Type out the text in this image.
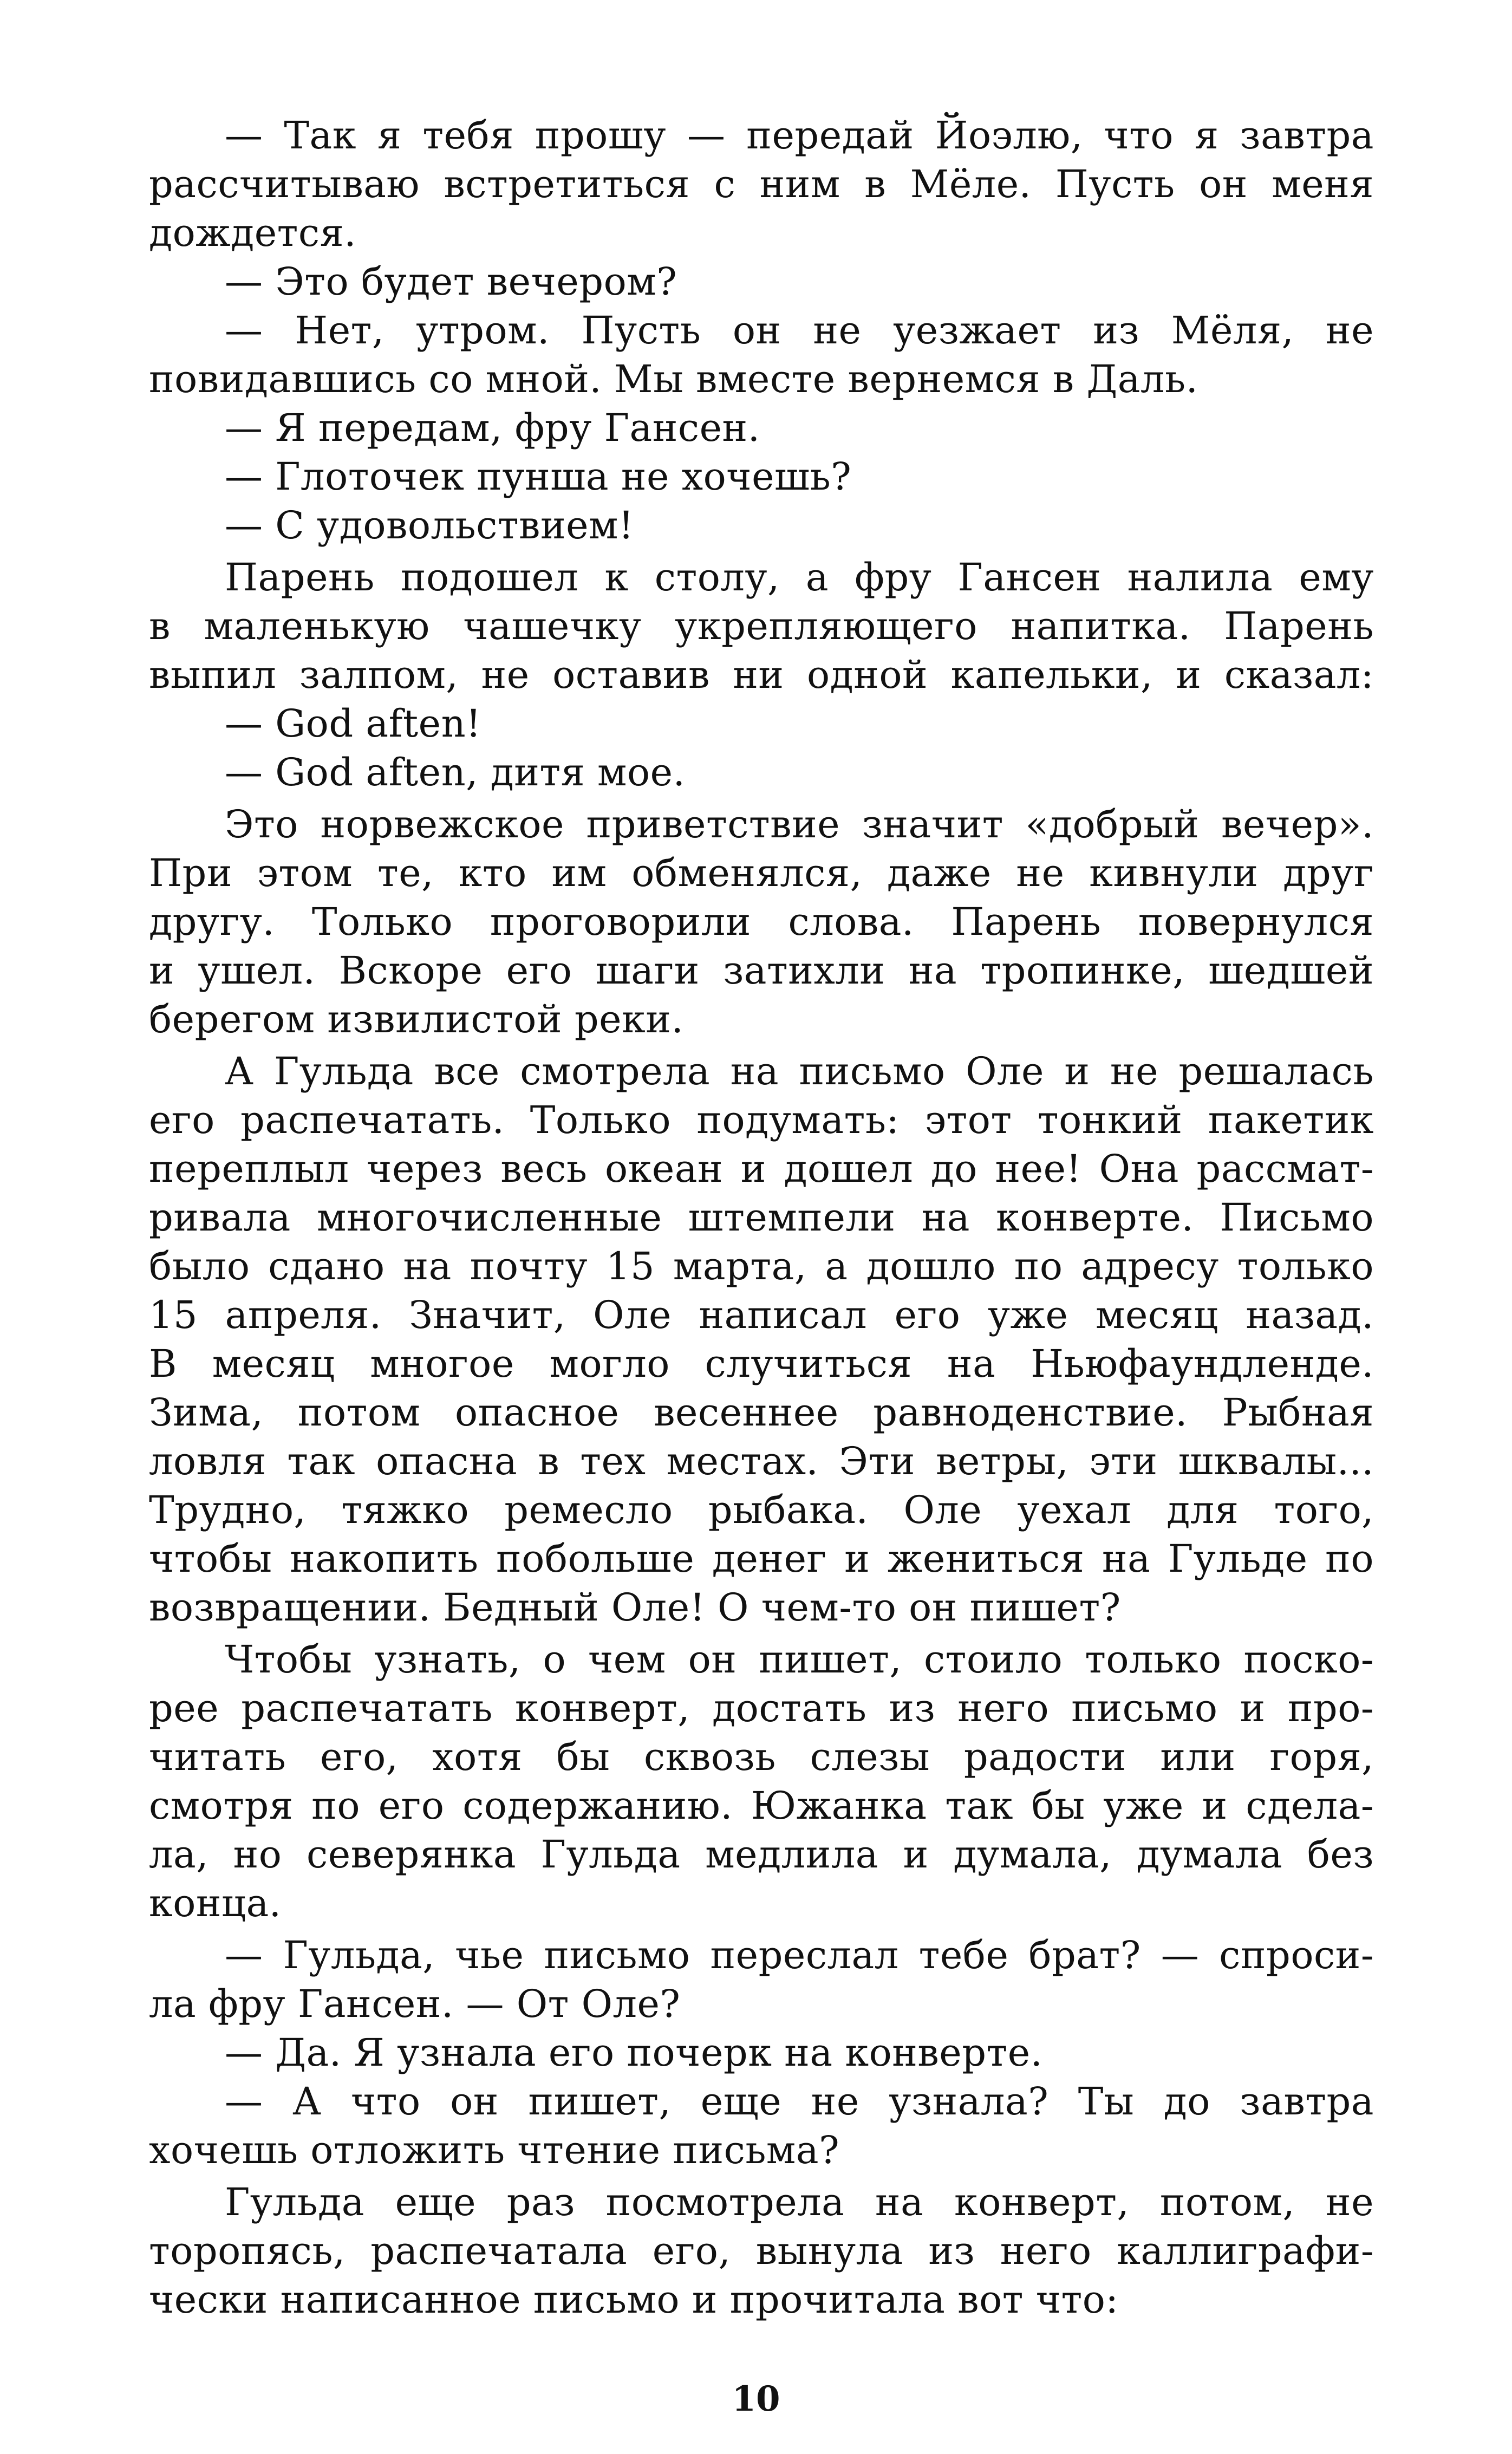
— Так я тебя прошу — передай Йоэлю, что я завтра
рассчитываю встретиться с ним в Мёле. Пусть он меня
дождется.
— Это будет вечером?
— Нет, утром. Пусть он не уезжает из Мёля, не
повидавшись со мной. Мы вместе вернемся в Даль.
— Я передам, фру Гансен.
— Глоточек пунша не хочешь?
— С удовольствием!
Парень подошел к столу, а фру Гансен налила ему
в маленькую чашечку укрепляющего напитка. Парень
выпил залпом, не оставив ни одной капельки, и сказал:
— God aften!
— God aften, дитя мое.
Это норвежское приветствие значит «добрый вечер».
При этом те, кто им обменялся, даже не кивнули друг
другу. Только проговорили слова. Парень повернулся
и ушел. Вскоре его шаги затихли на тропинке, шедшей
берегом извилистой реки.
А Гульда все смотрела на письмо Оле и не решалась
его распечатать. Только подумать: этот тонкий пакетик
переплыл через весь океан и дошел до нее! Она рассмат-
ривала многочисленные штемпели на конверте. Письмо
было сдано на почту 15 марта, а дошло по адресу только
15 апреля. Значит, Оле написал его уже месяц назад.
В месяц многое могло случиться на Ньюфаундленде.
Зима, потом опасное весеннее равноденствие. Рыбная
ловля так опасна в тех местах. Эти ветры, эти шквалы...
Трудно, тяжко ремесло рыбака. Оле уехал для того,
чтобы накопить побольше денег и жениться на Гульде по
возвращении. Бедный Оле! О чем-то он пишет?
Чтобы узнать, о чем он пишет, стоило только поско-
рее распечатать конверт, достать из него письмо и про-
читать его, хотя бы сквозь слезы радости или горя,
смотря по его содержанию. Южанка так бы уже и сдела-
ла, но северянка Гульда медлила и думала, думала без
конца.
— Гульда, чье письмо переслал тебе брат? — спроси-
ла фру Гансен. — От Оле?
— Да. Я узнала его почерк на конверте.
— А что он пишет, еще не узнала? Ты до завтра
хочешь отложить чтение письма?
Гульда еще раз посмотрела на конверт, потом, не
торопясь, распечатала его, вынула из него каллиграфи-
чески написанное письмо и прочитала вот что:
10
